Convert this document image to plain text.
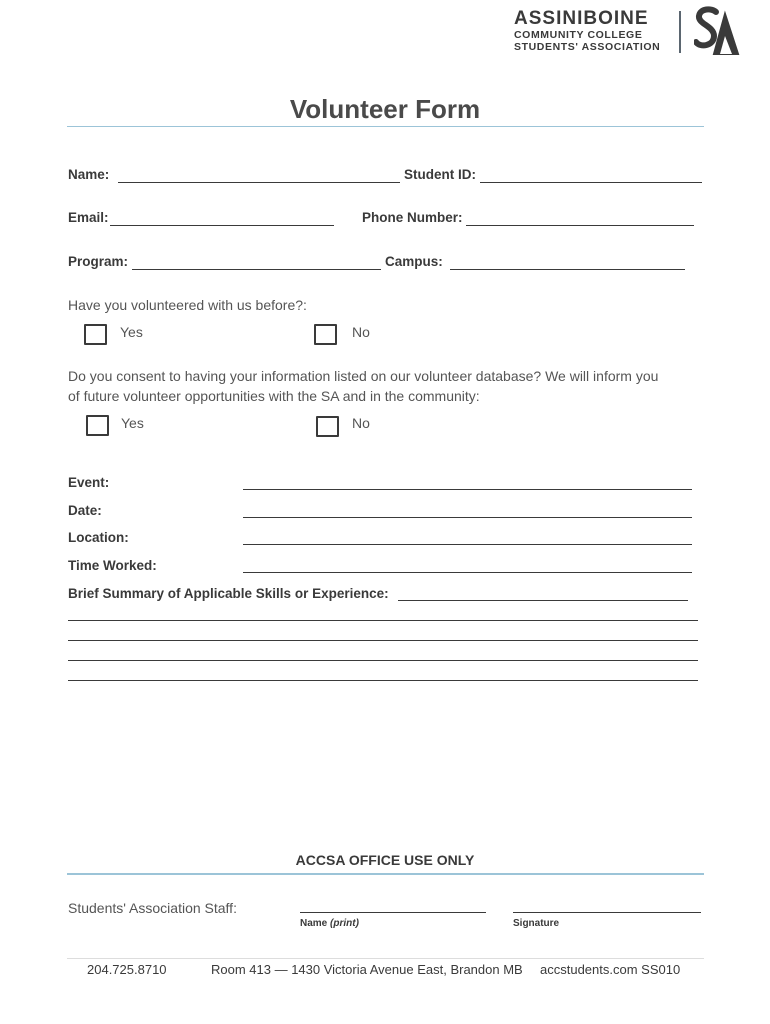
ASSINIBOINE
COMMUNITY COLLEGE
STUDENTS' ASSOCIATION
Volunteer Form
Name:	Student ID:
Email:	Phone Number:
Program:	Campus:
Have you volunteered with us before?:
Yes	No
Do you consent to having your information listed on our volunteer database? We will inform you
of future volunteer opportunities with the SA and in the community:
Yes	No
Event:
Date:
Location:
Time Worked:
Brief Summary of Applicable Skills or Experience:
ACCSA OFFICE USE ONLY
Students' Association Staff:
Name (print)	Signature
204.725.8710	Room 413 — 1430 Victoria Avenue East, Brandon MB accstudents.com SS010
